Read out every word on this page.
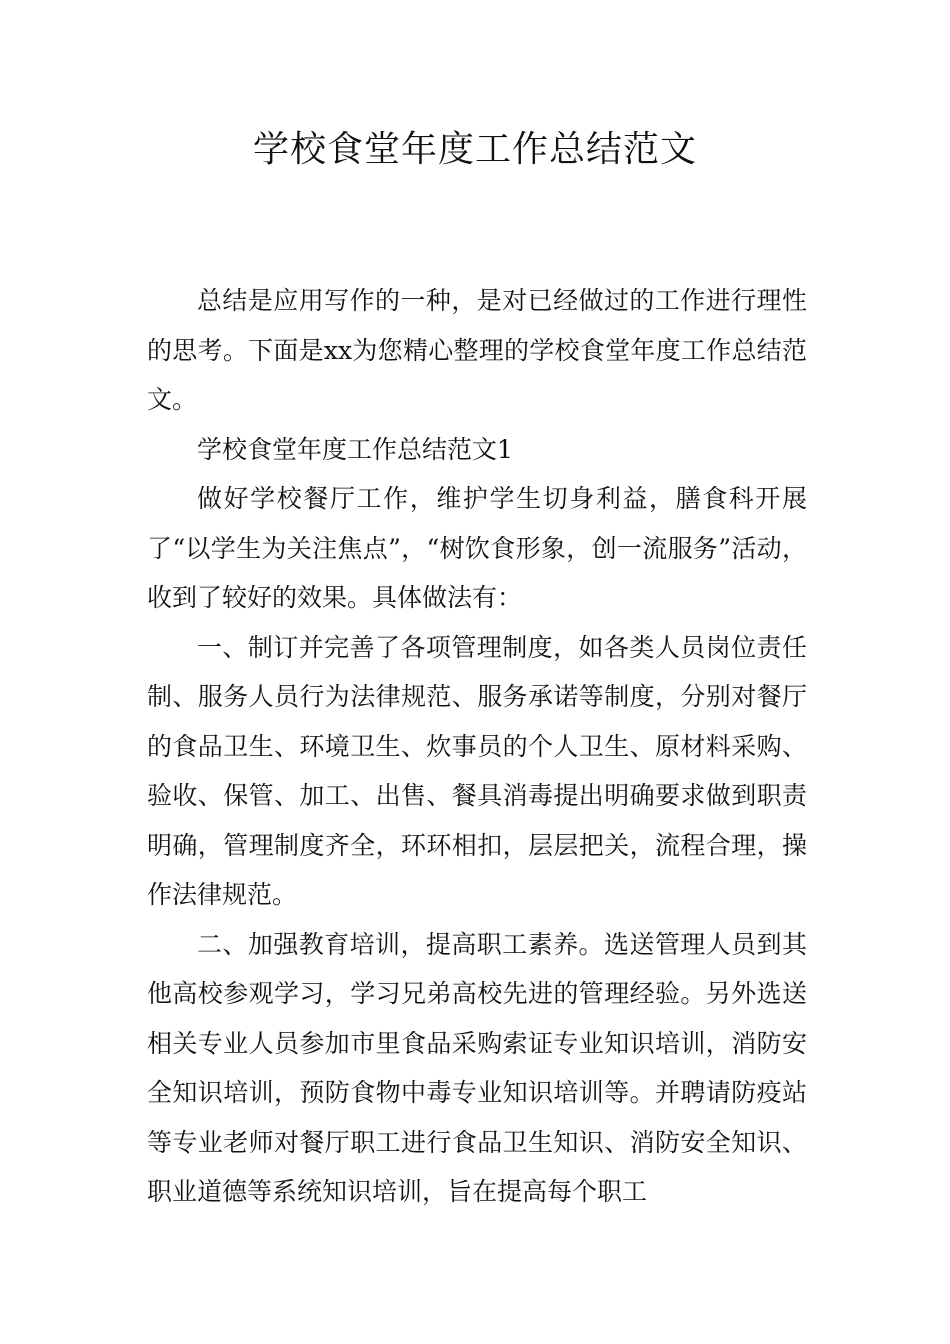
学校食堂年度工作总结范文

总结是应用写作的一种，是对已经做过的工作进行理性的思考。下面是xx为您精心整理的学校食堂年度工作总结范文。

学校食堂年度工作总结范文1

做好学校餐厅工作，维护学生切身利益，膳食科开展了“以学生为关注焦点”，“树饮食形象，创一流服务”活动，收到了较好的效果。具体做法有：

一、制订并完善了各项管理制度，如各类人员岗位责任制、服务人员行为法律规范、服务承诺等制度，分别对餐厅的食品卫生、环境卫生、炊事员的个人卫生、原材料采购、验收、保管、加工、出售、餐具消毒提出明确要求做到职责明确，管理制度齐全，环环相扣，层层把关，流程合理，操作法律规范。

二、加强教育培训，提高职工素养。选送管理人员到其他高校参观学习，学习兄弟高校先进的管理经验。另外选送相关专业人员参加市里食品采购索证专业知识培训，消防安全知识培训，预防食物中毒专业知识培训等。并聘请防疫站等专业老师对餐厅职工进行食品卫生知识、消防安全知识、职业道德等系统知识培训，旨在提高每个职工
